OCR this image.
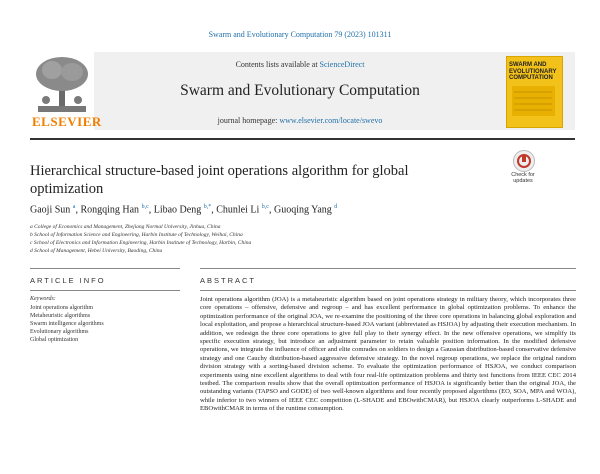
Swarm and Evolutionary Computation 79 (2023) 101311
ELSEVIER
Contents lists available at ScienceDirect
Swarm and Evolutionary Computation
journal homepage: www.elsevier.com/locate/swevo
SWARM AND EVOLUTIONARY COMPUTATION
Hierarchical structure-based joint operations algorithm for global
optimization
Check for
updates
Gaoji Sun $^a$, Rongqing Han $^{b,c}$, Libao Deng $^{b,*}$, Chunlei Li $^{b,c}$, Guoqing Yang $^d$
a College of Economics and Management, Zhejiang Normal University, Jinhua, China
b School of Information Science and Engineering, Harbin Institute of Technology, Weihai, China
c School of Electronics and Information Engineering, Harbin Institute of Technology, Harbin, China
d School of Management, Hebei University, Baoding, China
ARTICLE INFO	ABSTRACT
Keywords:
Joint operations algorithm
Metaheuristic algorithms
Swarm intelligence algorithms
Evolutionary algorithms
Global optimization

Joint operations algorithm (JOA) is a metaheuristic algorithm based on joint operations strategy in military theory, which incorporates three core operations – offensive, defensive and regroup – and has excellent performance in global optimization problems. To enhance the optimization performance of the original JOA, we re-examine the positioning of the three core operations in balancing global exploration and local exploitation, and propose a hierarchical structure-based JOA variant (abbreviated as HSJOA) by adjusting their execution mechanism. In addition, we redesign the three core operations to give full play to their synergy effect. In the new offensive operations, we simplify its specific execution strategy, but introduce an adjustment parameter to retain valuable position information. In the modified defensive operations, we integrate the influence of officer and elite comrades on soldiers to design a Gaussian distribution-based conservative defensive strategy and one Cauchy distribution-based aggressive defensive strategy. In the novel regroup operations, we replace the original random division strategy with a sorting-based division scheme. To evaluate the optimization performance of HSJOA, we conduct comparison experiments using nine excellent algorithms to deal with four real-life optimization problems and thirty test functions from IEEE CEC 2014 testbed. The comparison results show that the overall optimization performance of HSJOA is significantly better than the original JOA, the outstanding variants (TAPSO and GODE) of two well-known algorithms and four recently proposed algorithms (EO, SOA, MPA and WOA), while inferior to two winners of IEEE CEC competition (L-SHADE and EBOwithCMAR), but HSJOA clearly outperforms L-SHADE and EBOwithCMAR in terms of the runtime consumption.
